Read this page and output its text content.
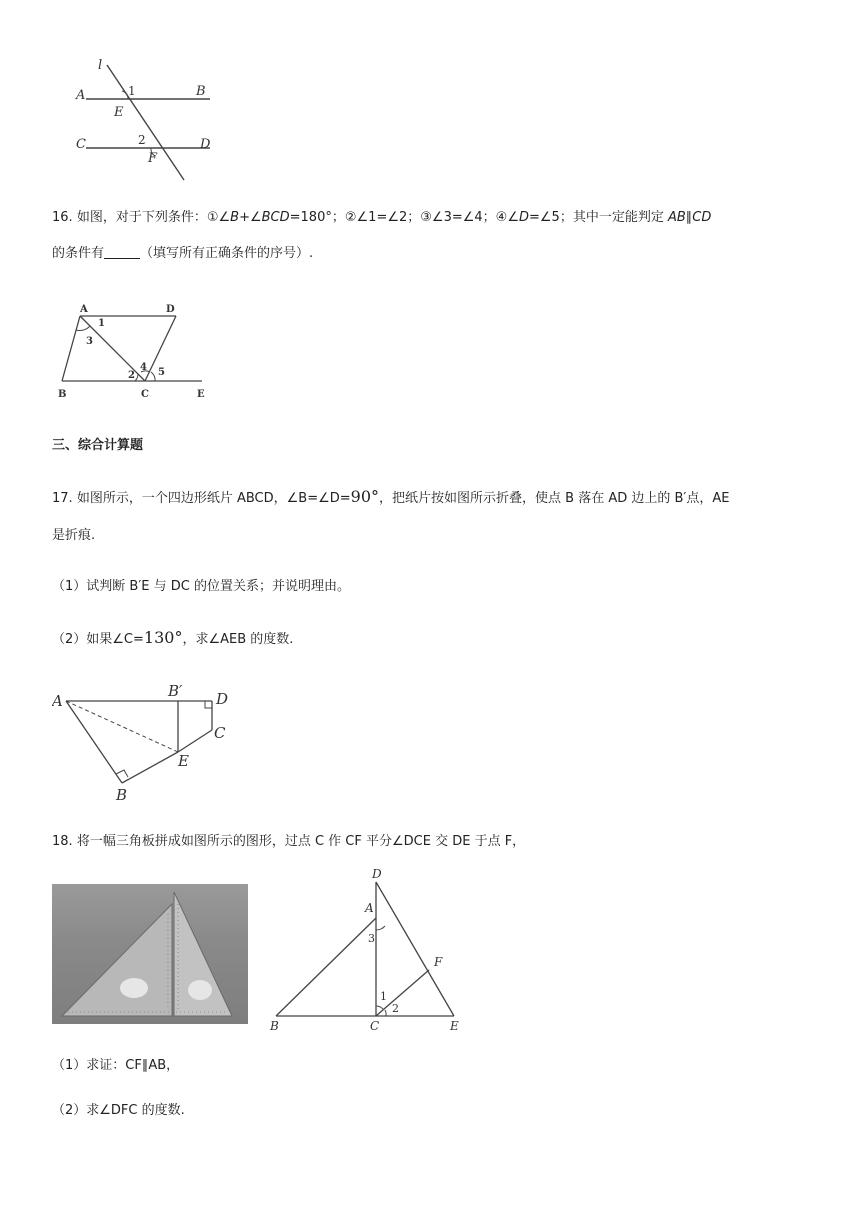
l
A	1	B
E
C	2	D
F
16. 如图，对于下列条件：①∠B+∠BCD=180°；②∠1=∠2；③∠3=∠4；④∠D=∠5；其中一定能判定 AB∥CD
的条件有	（填写所有正确条件的序号）.
A	D
1
3
2
4 5
B	C	E
三、综合计算题
17. 如图所示，一个四边形纸片 ABCD，∠B=∠D=90°，把纸片按如图所示折叠，使点 B 落在 AD 边上的 B′点，AE
是折痕.
（1）试判断 B′E 与 DC 的位置关系；并说明理由。
（2）如果∠C=130°，求∠AEB 的度数.
A
B′ D
C
E
B
18. 将一幅三角板拼成如图所示的图形，过点 C 作 CF 平分∠DCE 交 DE 于点 F，
D
A
3
F
1
2
B	C	E
（1）求证：CF∥AB，
（2）求∠DFC 的度数.
